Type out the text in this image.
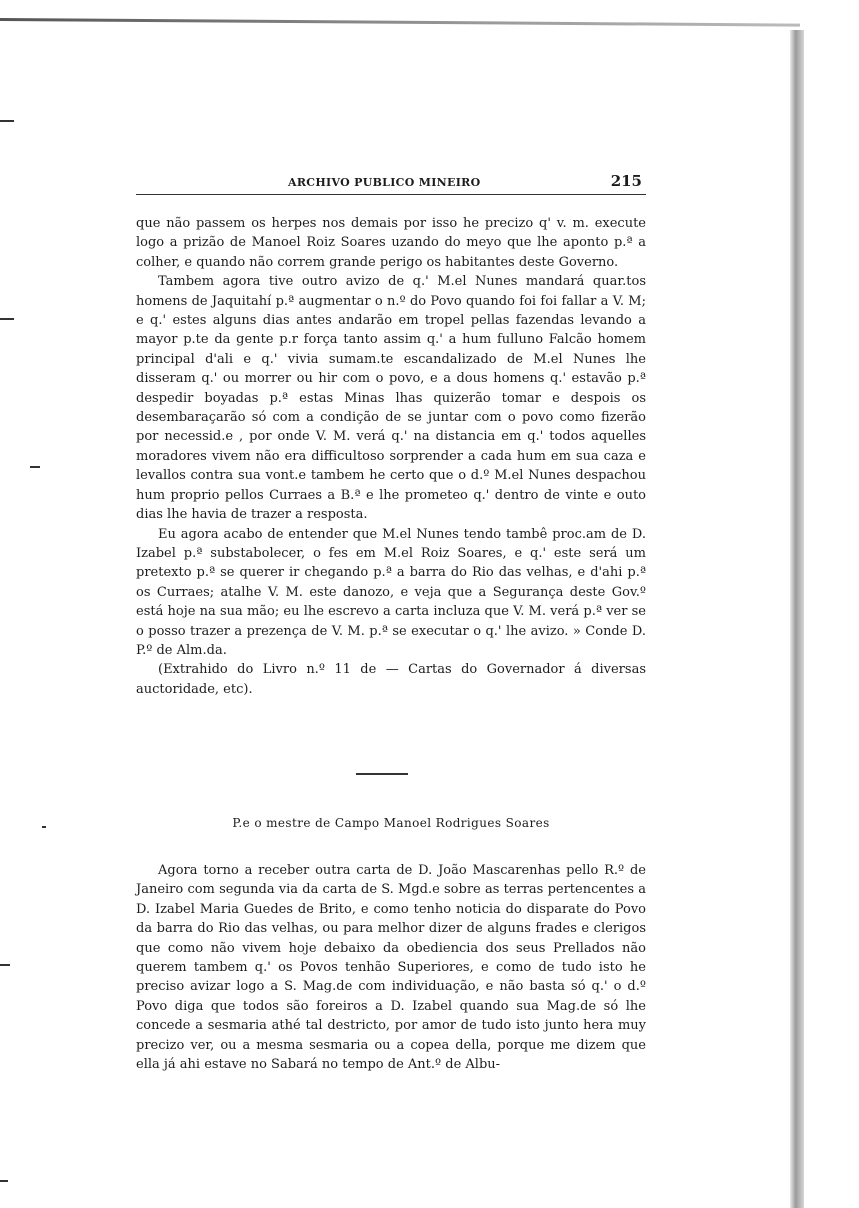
ARCHIVO PUBLICO MINEIRO	215

que não passem os herpes nos demais por isso he precizo q' v. m. execute logo a prizão de Manoel Roiz Soares uzando do meyo que lhe aponto p.ª a colher, e quando não correm grande perigo os habitantes deste Governo.

Tambem agora tive outro avizo de q.' M.el Nunes mandará quar.tos homens de Jaquitahí p.ª augmentar o n.º do Povo quando foi foi fallar a V. M; e q.' estes alguns dias antes andarão em tropel pellas fazendas levando a mayor p.te da gente p.r força tanto assim q.' a hum fulluno Falcão homem principal d'ali e q.' vivia sumam.te escandalizado de M.el Nunes lhe disseram q.' ou morrer ou hir com o povo, e a dous homens q.' estavão p.ª despedir boyadas p.ª estas Minas lhas quizerão tomar e despois os desembaraçarão só com a condição de se juntar com o povo como fizerão por necessid.e , por onde V. M. verá q.' na distancia em q.' todos aquelles moradores vivem não era difficultoso sorprender a cada hum em sua caza e levallos contra sua vont.e tambem he certo que o d.º M.el Nunes despachou hum proprio pellos Curraes a B.ª e lhe prometeo q.' dentro de vinte e outo dias lhe havia de trazer a resposta.

Eu agora acabo de entender que M.el Nunes tendo tambê proc.am de D. Izabel p.ª substabolecer, o fes em M.el Roiz Soares, e q.' este será um pretexto p.ª se querer ir chegando p.ª a barra do Rio das velhas, e d'ahi p.ª os Curraes; atalhe V. M. este danozo, e veja que a Segurança deste Gov.º está hoje na sua mão; eu lhe escrevo a carta incluza que V. M. verá p.ª ver se o posso trazer a prezença de V. M. p.ª se executar o q.' lhe avizo. » Conde D. P.º de Alm.da.

(Extrahido do Livro n.º 11 de — Cartas do Governador á diversas auctoridade, etc).

P.e o mestre de Campo Manoel Rodrigues Soares

Agora torno a receber outra carta de D. João Mascarenhas pello R.º de Janeiro com segunda via da carta de S. Mgd.e sobre as terras pertencentes a D. Izabel Maria Guedes de Brito, e como tenho noticia do disparate do Povo da barra do Rio das velhas, ou para melhor dizer de alguns frades e clerigos que como não vivem hoje debaixo da obediencia dos seus Prellados não querem tambem q.' os Povos tenhão Superiores, e como de tudo isto he preciso avizar logo a S. Mag.de com individuação, e não basta só q.' o d.º Povo diga que todos são foreiros a D. Izabel quando sua Mag.de só lhe concede a sesmaria athé tal destricto, por amor de tudo isto junto hera muy precizo ver, ou a mesma sesmaria ou a copea della, porque me dizem que ella já ahi estave no Sabará no tempo de Ant.º de Albu-
